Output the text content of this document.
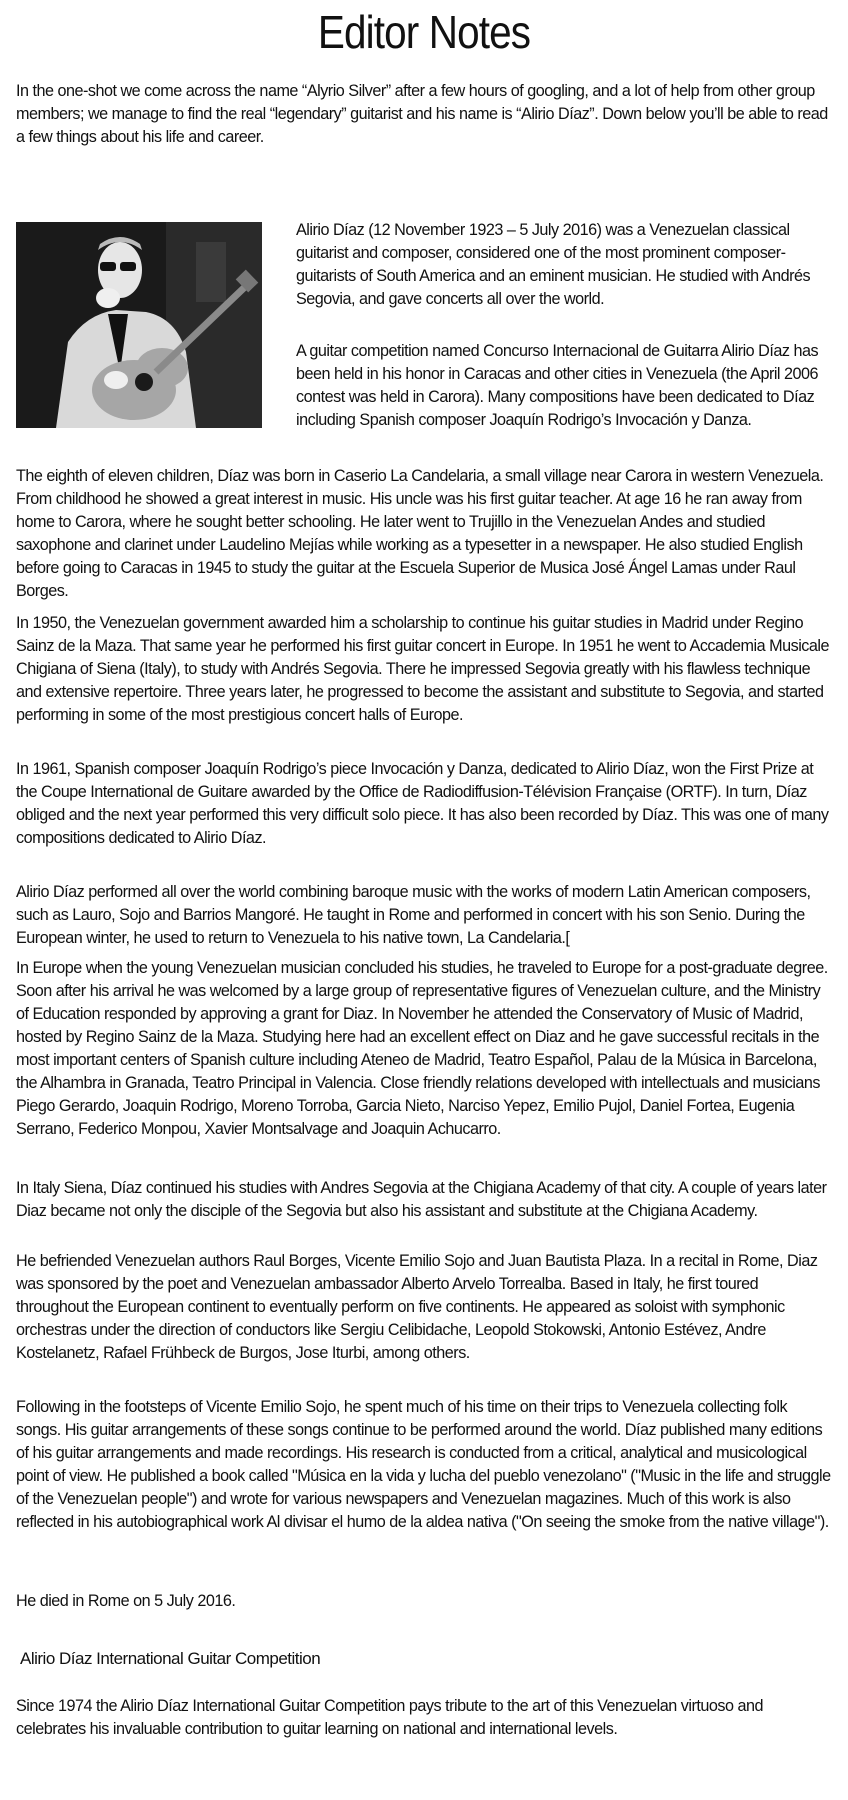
Editor Notes

In the one-shot we come across the name “Alyrio Silver” after a few hours of googling, and a lot of help from other group members; we manage to find the real “legendary” guitarist and his name is “Alirio Díaz”. Down below you’ll be able to read a few things about his life and career.

Alirio Díaz (12 November 1923 – 5 July 2016) was a Venezuelan classical guitarist and composer, considered one of the most prominent composer-guitarists of South America and an eminent musician. He studied with Andrés Segovia, and gave concerts all over the world.

A guitar competition named Concurso Internacional de Guitarra Alirio Díaz has been held in his honor in Caracas and other cities in Venezuela (the April 2006 contest was held in Carora). Many compositions have been dedicated to Díaz including Spanish composer Joaquín Rodrigo’s Invocación y Danza.

The eighth of eleven children, Díaz was born in Caserio La Candelaria, a small village near Carora in western Venezuela. From childhood he showed a great interest in music. His uncle was his first guitar teacher. At age 16 he ran away from home to Carora, where he sought better schooling. He later went to Trujillo in the Venezuelan Andes and studied saxophone and clarinet under Laudelino Mejías while working as a typesetter in a newspaper. He also studied English before going to Caracas in 1945 to study the guitar at the Escuela Superior de Musica José Ángel Lamas under Raul Borges.

In 1950, the Venezuelan government awarded him a scholarship to continue his guitar studies in Madrid under Regino Sainz de la Maza. That same year he performed his first guitar concert in Europe. In 1951 he went to Accademia Musicale Chigiana of Siena (Italy), to study with Andrés Segovia. There he impressed Segovia greatly with his flawless technique and extensive repertoire. Three years later, he progressed to become the assistant and substitute to Segovia, and started performing in some of the most prestigious concert halls of Europe.

In 1961, Spanish composer Joaquín Rodrigo’s piece Invocación y Danza, dedicated to Alirio Díaz, won the First Prize at the Coupe International de Guitare awarded by the Office de Radiodiffusion-Télévision Française (ORTF). In turn, Díaz obliged and the next year performed this very difficult solo piece. It has also been recorded by Díaz. This was one of many compositions dedicated to Alirio Díaz.

Alirio Díaz performed all over the world combining baroque music with the works of modern Latin American composers, such as Lauro, Sojo and Barrios Mangoré. He taught in Rome and performed in concert with his son Senio. During the European winter, he used to return to Venezuela to his native town, La Candelaria.[

In Europe when the young Venezuelan musician concluded his studies, he traveled to Europe for a post-graduate degree. Soon after his arrival he was welcomed by a large group of representative figures of Venezuelan culture, and the Ministry of Education responded by approving a grant for Diaz. In November he attended the Conservatory of Music of Madrid, hosted by Regino Sainz de la Maza. Studying here had an excellent effect on Diaz and he gave successful recitals in the most important centers of Spanish culture including Ateneo de Madrid, Teatro Español, Palau de la Música in Barcelona, the Alhambra in Granada, Teatro Principal in Valencia. Close friendly relations developed with intellectuals and musicians Piego Gerardo, Joaquin Rodrigo, Moreno Torroba, Garcia Nieto, Narciso Yepez, Emilio Pujol, Daniel Fortea, Eugenia Serrano, Federico Monpou, Xavier Montsalvage and Joaquin Achucarro.

In Italy Siena, Díaz continued his studies with Andres Segovia at the Chigiana Academy of that city. A couple of years later Diaz became not only the disciple of the Segovia but also his assistant and substitute at the Chigiana Academy.

He befriended Venezuelan authors Raul Borges, Vicente Emilio Sojo and Juan Bautista Plaza. In a recital in Rome, Diaz was sponsored by the poet and Venezuelan ambassador Alberto Arvelo Torrealba. Based in Italy, he first toured throughout the European continent to eventually perform on five continents. He appeared as soloist with symphonic orchestras under the direction of conductors like Sergiu Celibidache, Leopold Stokowski, Antonio Estévez, Andre Kostelanetz, Rafael Frühbeck de Burgos, Jose Iturbi, among others.

Following in the footsteps of Vicente Emilio Sojo, he spent much of his time on their trips to Venezuela collecting folk songs. His guitar arrangements of these songs continue to be performed around the world. Díaz published many editions of his guitar arrangements and made recordings. His research is conducted from a critical, analytical and musicological point of view. He published a book called "Música en la vida y lucha del pueblo venezolano" ("Music in the life and struggle of the Venezuelan people") and wrote for various newspapers and Venezuelan magazines. Much of this work is also reflected in his autobiographical work Al divisar el humo de la aldea nativa ("On seeing the smoke from the native village").

He died in Rome on 5 July 2016.

Alirio Díaz International Guitar Competition

Since 1974 the Alirio Díaz International Guitar Competition pays tribute to the art of this Venezuelan virtuoso and celebrates his invaluable contribution to guitar learning on national and international levels.
